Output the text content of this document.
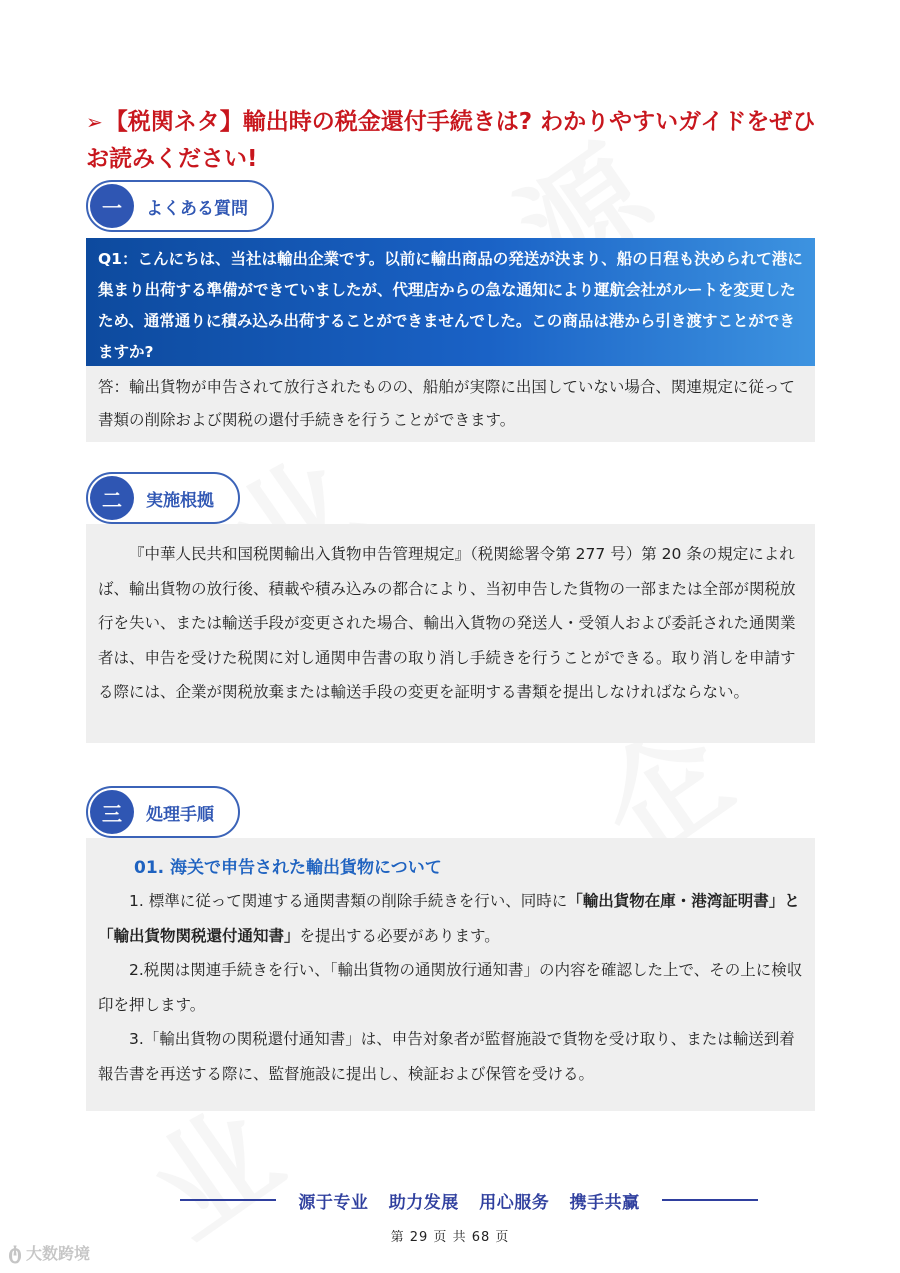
➢【税関ネタ】輸出時の税金還付手続きは? わかりやすいガイドをぜひお読みください!
一	よくある質問

Q1：こんにちは、当社は輸出企業です。以前に輸出商品の発送が決まり、船の日程も決められて港に集まり出荷する準備ができていましたが、代理店からの急な通知により運航会社がルートを変更したため、通常通りに積み込み出荷することができませんでした。この商品は港から引き渡すことができますか?

答：輸出貨物が申告されて放行されたものの、船舶が実際に出国していない場合、関連規定に従って書類の削除および関税の還付手続きを行うことができます。

二	実施根拠

『中華人民共和国税関輸出入貨物申告管理規定』（税関総署令第 277 号）第 20 条の規定によれば、輸出貨物の放行後、積載や積み込みの都合により、当初申告した貨物の一部または全部が関税放行を失い、または輸送手段が変更された場合、輸出入貨物の発送人・受領人および委託された通関業者は、申告を受けた税関に対し通関申告書の取り消し手続きを行うことができる。取り消しを申請する際には、企業が関税放棄または輸送手段の変更を証明する書類を提出しなければならない。

三	処理手順

01. 海关で申告された輸出貨物について

1. 標準に従って関連する通関書類の削除手続きを行い、同時に「輸出貨物在庫・港湾証明書」と「輸出貨物関税還付通知書」を提出する必要があります。

2.税関は関連手続きを行い、「輸出貨物の通関放行通知書」の内容を確認した上で、その上に検収印を押します。

3.「輸出貨物の関税還付通知書」は、申告対象者が監督施設で貨物を受け取り、または輸送到着報告書を再送する際に、監督施設に提出し、検証および保管を受ける。

源于专业 助力发展 用心服务 携手共赢
第 29 页 共 68 页
ტ 大数跨境
